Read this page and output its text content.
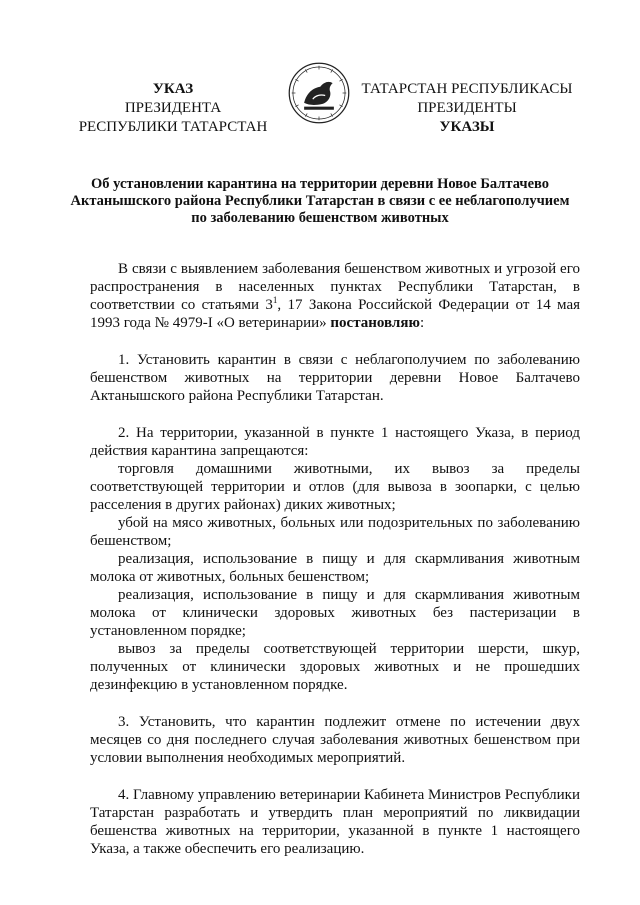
УКАЗ
ПРЕЗИДЕНТА
РЕСПУБЛИКИ ТАТАРСТАН
ТАТАРСТАН РЕСПУБЛИКАСЫ
ПРЕЗИДЕНТЫ
УКАЗЫ
Об установлении карантина на территории деревни Новое Балтачево Актанышского района Республики Татарстан в связи с ее неблагополучием по заболеванию бешенством животных

В связи с выявлением заболевания бешенством животных и угрозой его распространения в населенных пунктах Республики Татарстан, в соответствии со статьями $3^1$, 17 Закона Российской Федерации от 14 мая 1993 года № 4979-I «О ветеринарии» постановляю:

1. Установить карантин в связи с неблагополучием по заболеванию бешенством животных на территории деревни Новое Балтачево Актанышского района Республики Татарстан.

2. На территории, указанной в пункте 1 настоящего Указа, в период действия карантина запрещаются:

торговля домашними животными, их вывоз за пределы соответствующей территории и отлов (для вывоза в зоопарки, с целью расселения в других районах) диких животных;

убой на мясо животных, больных или подозрительных по заболеванию бешенством;

реализация, использование в пищу и для скармливания животным молока от животных, больных бешенством;

реализация, использование в пищу и для скармливания животным молока от клинически здоровых животных без пастеризации в установленном порядке;

вывоз за пределы соответствующей территории шерсти, шкур, полученных от клинически здоровых животных и не прошедших дезинфекцию в установленном порядке.

3. Установить, что карантин подлежит отмене по истечении двух месяцев со дня последнего случая заболевания животных бешенством при условии выполнения необходимых мероприятий.

4. Главному управлению ветеринарии Кабинета Министров Республики Татарстан разработать и утвердить план мероприятий по ликвидации бешенства животных на территории, указанной в пункте 1 настоящего Указа, а также обеспечить его реализацию.
